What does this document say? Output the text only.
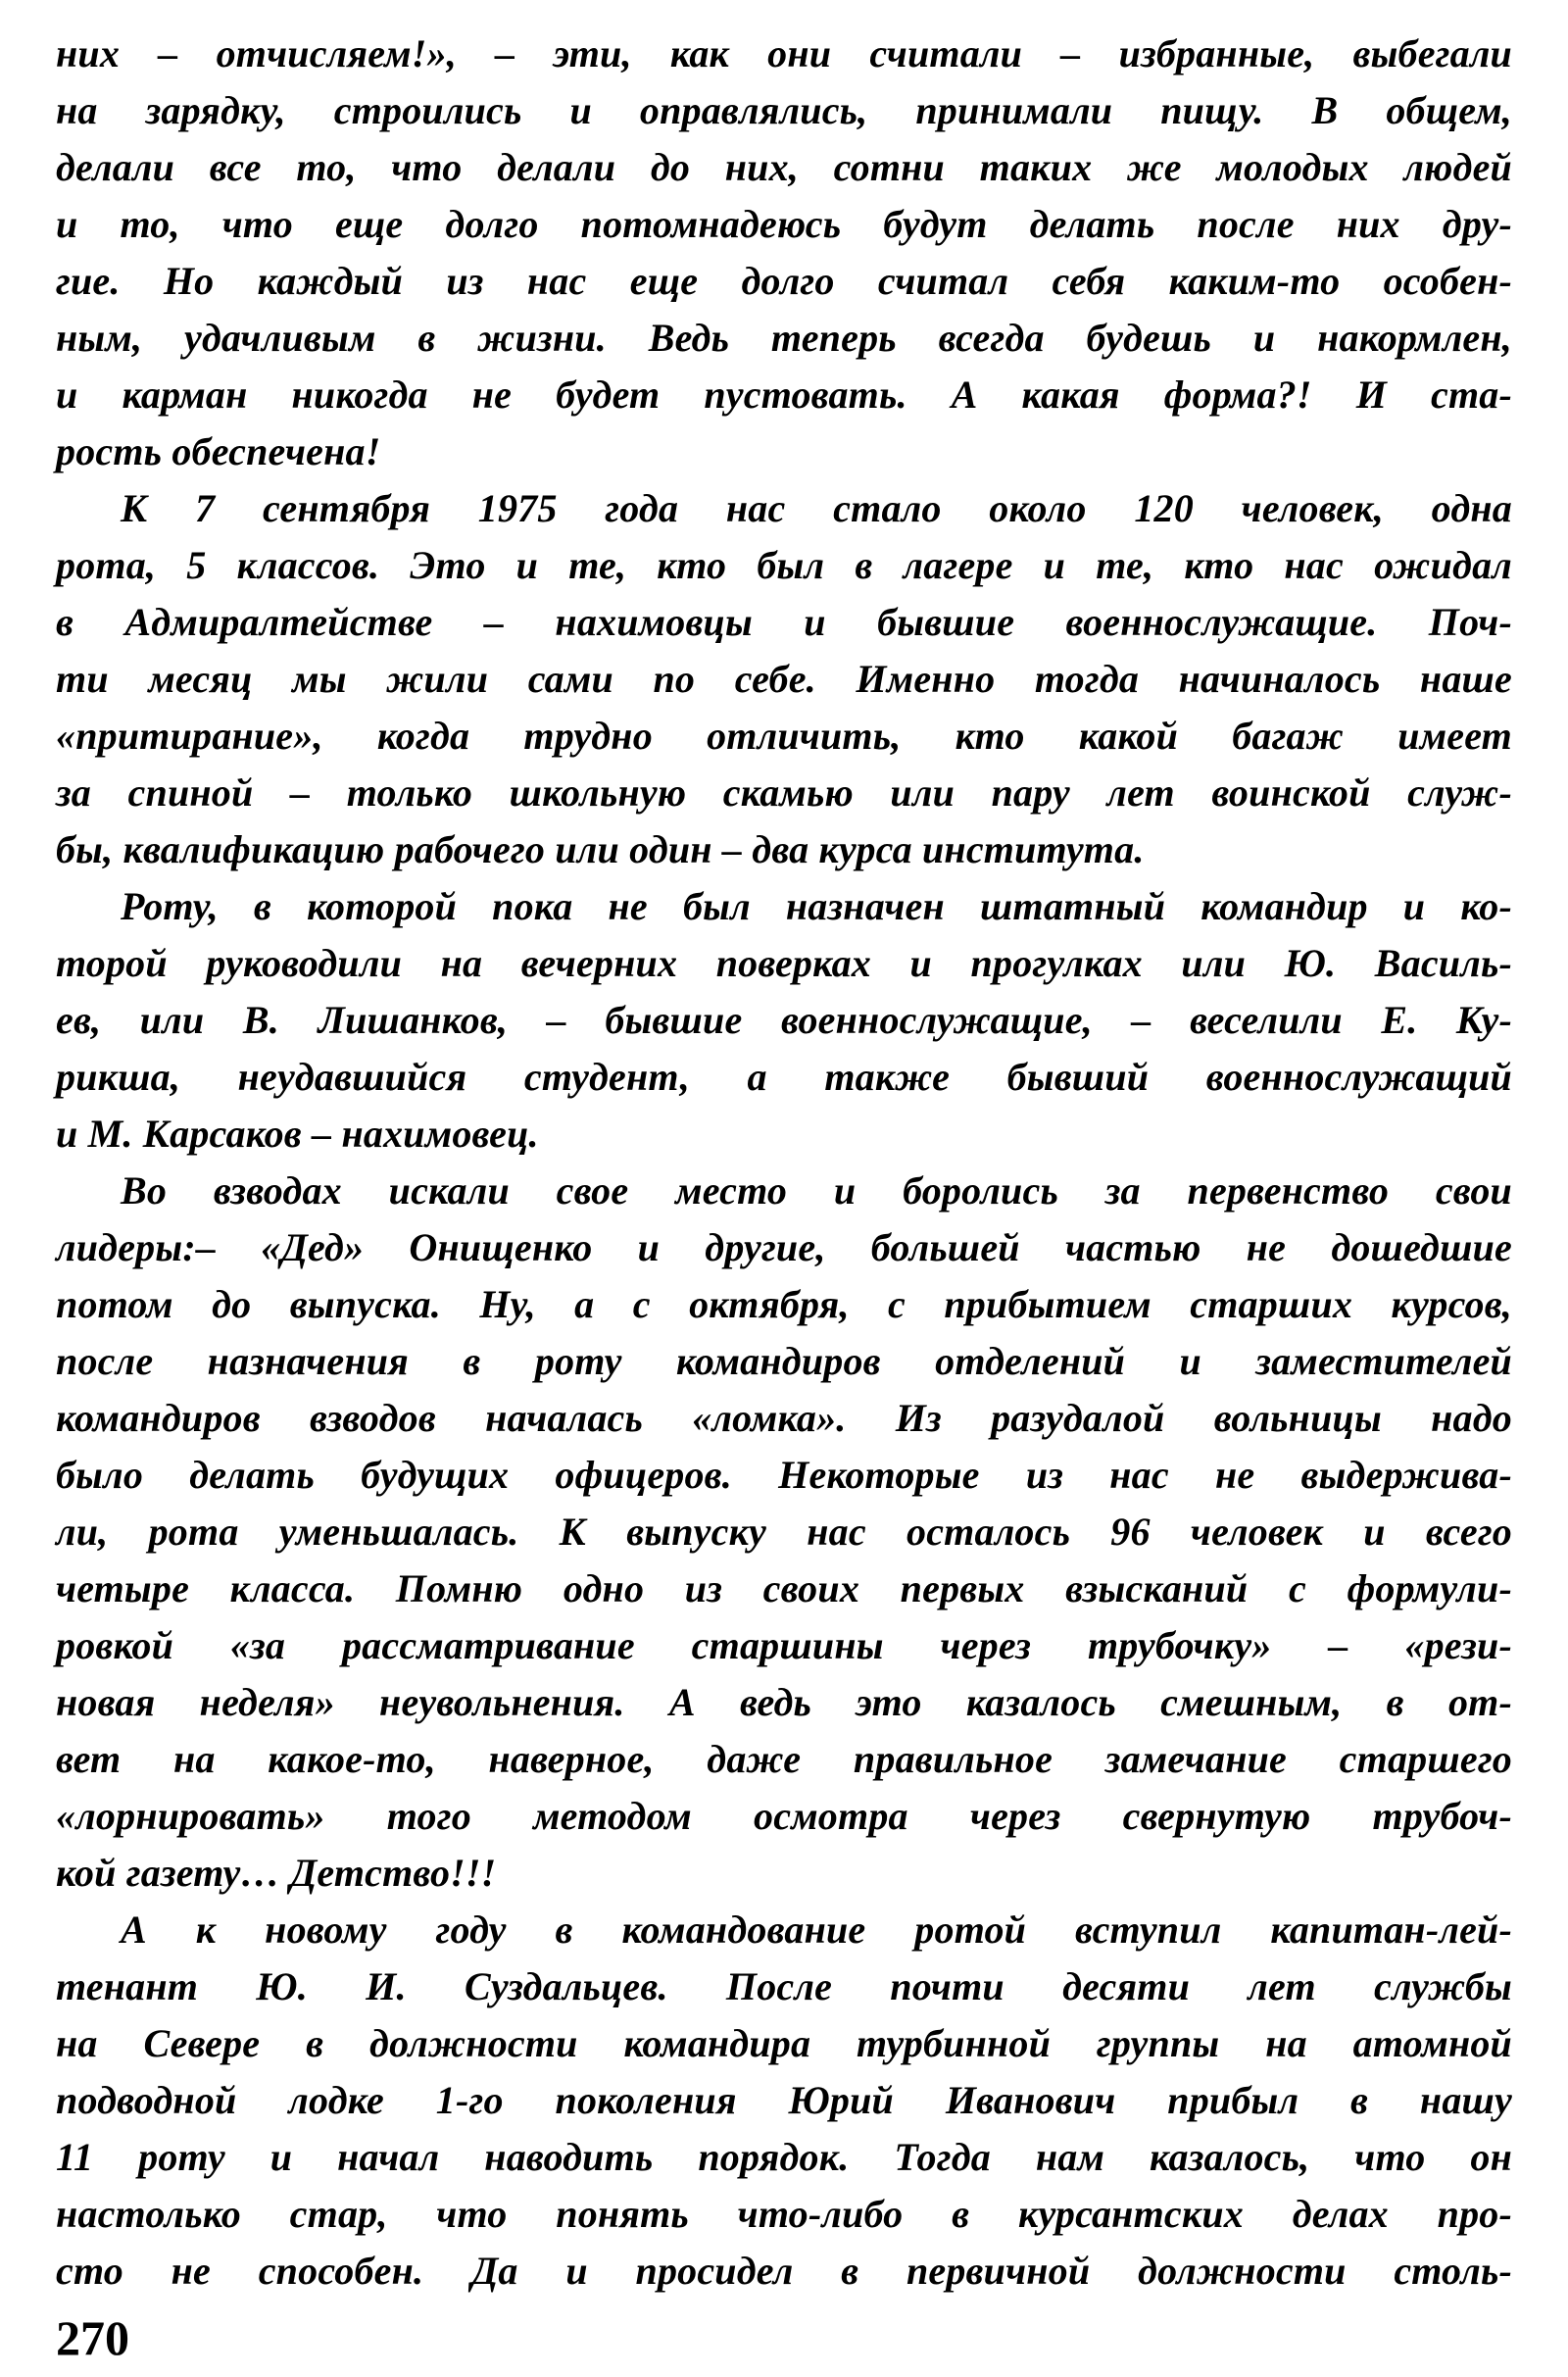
них – отчисляем!», – эти, как они считали – избранные, выбегали
на зарядку, строились и оправлялись, принимали пищу. В общем,
делали все то, что делали до них, сотни таких же молодых людей
и то, что еще долго потомнадеюсь будут делать после них дру-
гие. Но каждый из нас еще долго считал себя каким-то особен-
ным, удачливым в жизни. Ведь теперь всегда будешь и накормлен,
и карман никогда не будет пустовать. А какая форма?! И ста-
рость обеспечена!
К 7 сентября 1975 года нас стало около 120 человек, одна
рота, 5 классов. Это и те, кто был в лагере и те, кто нас ожидал
в Адмиралтействе – нахимовцы и бывшие военнослужащие. Поч-
ти месяц мы жили сами по себе. Именно тогда начиналось наше
«притирание», когда трудно отличить, кто какой багаж имеет
за спиной – только школьную скамью или пару лет воинской служ-
бы, квалификацию рабочего или один – два курса института.
Роту, в которой пока не был назначен штатный командир и ко-
торой руководили на вечерних поверках и прогулках или Ю. Василь-
ев, или В. Лишанков, – бывшие военнослужащие, – веселили Е. Ку-
рикша, неудавшийся студент, а также бывший военнослужащий
и М. Карсаков – нахимовец.
Во взводах искали свое место и боролись за первенство свои
лидеры:– «Дед» Онищенко и другие, большей частью не дошедшие
потом до выпуска. Ну, а с октября, с прибытием старших курсов,
после назначения в роту командиров отделений и заместителей
командиров взводов началась «ломка». Из разудалой вольницы надо
было делать будущих офицеров. Некоторые из нас не выдержива-
ли, рота уменьшалась. К выпуску нас осталось 96 человек и всего
четыре класса. Помню одно из своих первых взысканий с формули-
ровкой «за рассматривание старшины через трубочку» – «рези-
новая неделя» неувольнения. А ведь это казалось смешным, в от-
вет на какое-то, наверное, даже правильное замечание старшего
«лорнировать» того методом осмотра через свернутую трубоч-
кой газету… Детство!!!
А к новому году в командование ротой вступил капитан-лей-
тенант Ю. И. Суздальцев. После почти десяти лет службы
на Севере в должности командира турбинной группы на атомной
подводной лодке 1-го поколения Юрий Иванович прибыл в нашу
11 роту и начал наводить порядок. Тогда нам казалось, что он
настолько стар, что понять что-либо в курсантских делах про-
сто не способен. Да и просидел в первичной должности столь-
270
